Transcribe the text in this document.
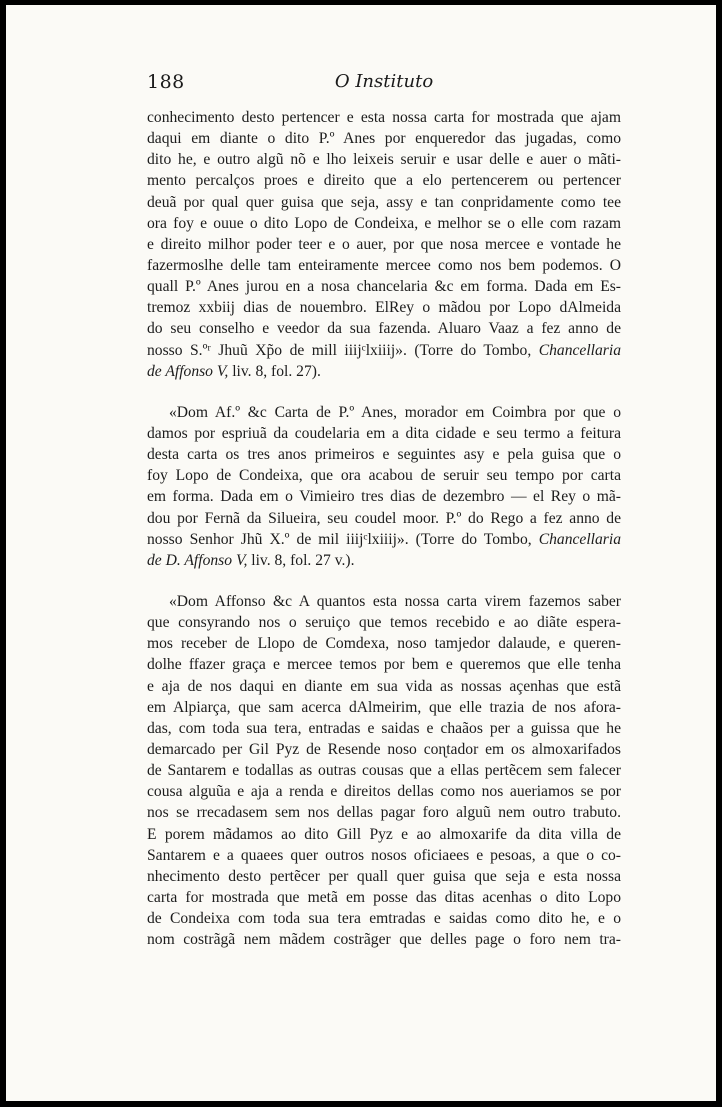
188	O Instituto
conhecimento desto pertencer e esta nossa carta for mostrada que ajam
daqui em diante o dito P.º Anes por enqueredor das jugadas, como
dito he, e outro algũ nõ e lho leixeis seruir e usar delle e auer o mãti-
mento percalços proes e direito que a elo pertencerem ou pertencer
deuã por qual quer guisa que seja, assy e tan conpridamente como tee
ora foy e ouue o dito Lopo de Condeixa, e melhor se o elle com razam
e direito milhor poder teer e o auer, por que nosa mercee e vontade he
fazermoslhe delle tam enteiramente mercee como nos bem podemos. O
quall P.º Anes jurou en a nosa chancelaria &c em forma. Dada em Es-
tremoz xxbiij dias de nouembro. ElRey o mãdou por Lopo dAlmeida
do seu conselho e veedor da sua fazenda. Aluaro Vaaz a fez anno de
nosso S.ºʳ Jhuũ Xp̃o de mill iiijᶜlxiiij». (Torre do Tombo, Chancellaria
de Affonso V, liv. 8, fol. 27).
«Dom Af.º &c Carta de P.º Anes, morador em Coimbra por que o
damos por espriuã da coudelaria em a dita cidade e seu termo a feitura
desta carta os tres anos primeiros e seguintes asy e pela guisa que o
foy Lopo de Condeixa, que ora acabou de seruir seu tempo por carta
em forma. Dada em o Vimieiro tres dias de dezembro — el Rey o mã-
dou por Fernã da Silueira, seu coudel moor. P.º do Rego a fez anno de
nosso Senhor Jhũ X.º de mil iiijᶜlxiiij». (Torre do Tombo, Chancellaria
de D. Affonso V, liv. 8, fol. 27 v.).
«Dom Affonso &c A quantos esta nossa carta virem fazemos saber
que consyrando nos o seruiço que temos recebido e ao diãte espera-
mos receber de Llopo de Comdexa, noso tamjedor dalaude, e queren-
dolhe ffazer graça e mercee temos por bem e queremos que elle tenha
e aja de nos daqui en diante em sua vida as nossas açenhas que estã
em Alpiarça, que sam acerca dAlmeirim, que elle trazia de nos afora-
das, com toda sua tera, entradas e saidas e chaãos per a guissa que he
demarcado per Gil Pyz de Resende noso coɳtador em os almoxarifados
de Santarem e todallas as outras cousas que a ellas pertẽcem sem falecer
cousa alguũa e aja a renda e direitos dellas como nos aueriamos se por
nos se rrecadasem sem nos dellas pagar foro alguũ nem outro trabuto.
E porem mãdamos ao dito Gill Pyz e ao almoxarife da dita villa de
Santarem e a quaees quer outros nosos oficiaees e pesoas, a que o co-
nhecimento desto pertẽcer per quall quer guisa que seja e esta nossa
carta for mostrada que metã em posse das ditas acenhas o dito Lopo
de Condeixa com toda sua tera emtradas e saidas como dito he, e o
nom costrãgã nem mãdem costrãger que delles page o foro nem tra-
